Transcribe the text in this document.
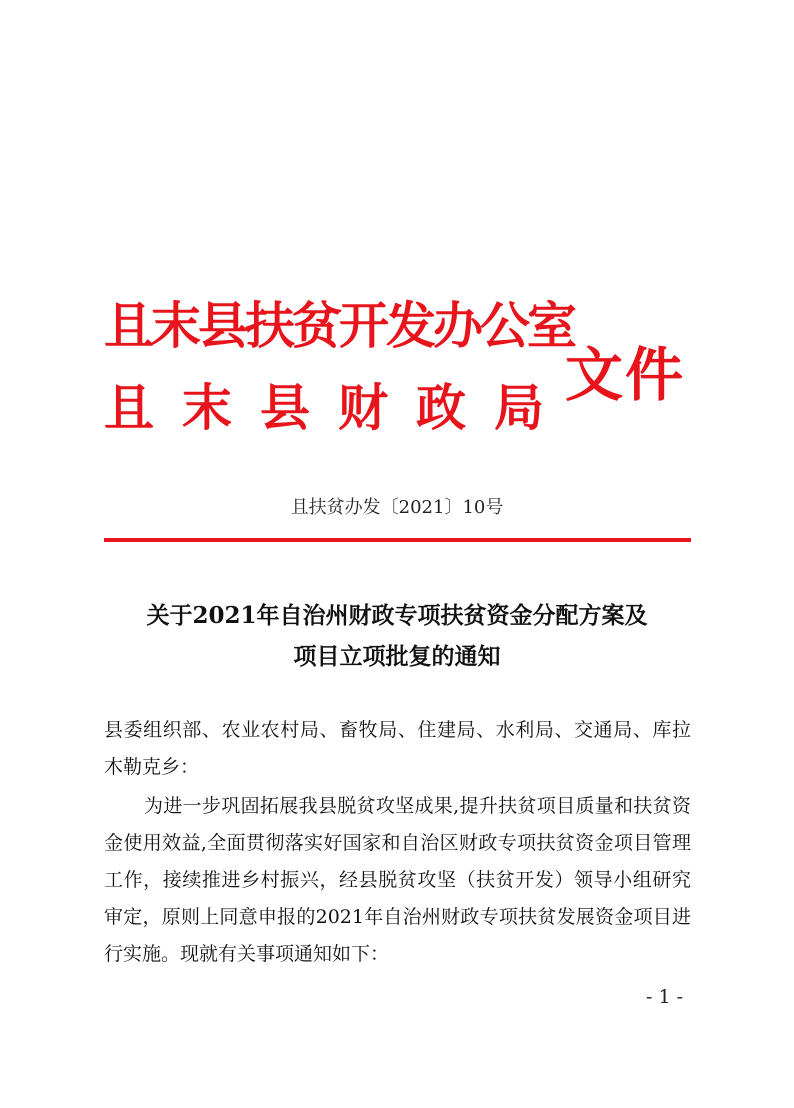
且末县扶贫开发办公室
且末县财政局
文件
且扶贫办发〔2021〕10号
关于2021年自治州财政专项扶贫资金分配方案及
项目立项批复的通知
县委组织部、农业农村局、畜牧局、住建局、水利局、交通局、库拉木勒克乡：
为进一步巩固拓展我县脱贫攻坚成果,提升扶贫项目质量和扶贫资金使用效益,全面贯彻落实好国家和自治区财政专项扶贫资金项目管理工作，接续推进乡村振兴，经县脱贫攻坚（扶贫开发）领导小组研究审定，原则上同意申报的2021年自治州财政专项扶贫发展资金项目进行实施。现就有关事项通知如下：
- 1 -
